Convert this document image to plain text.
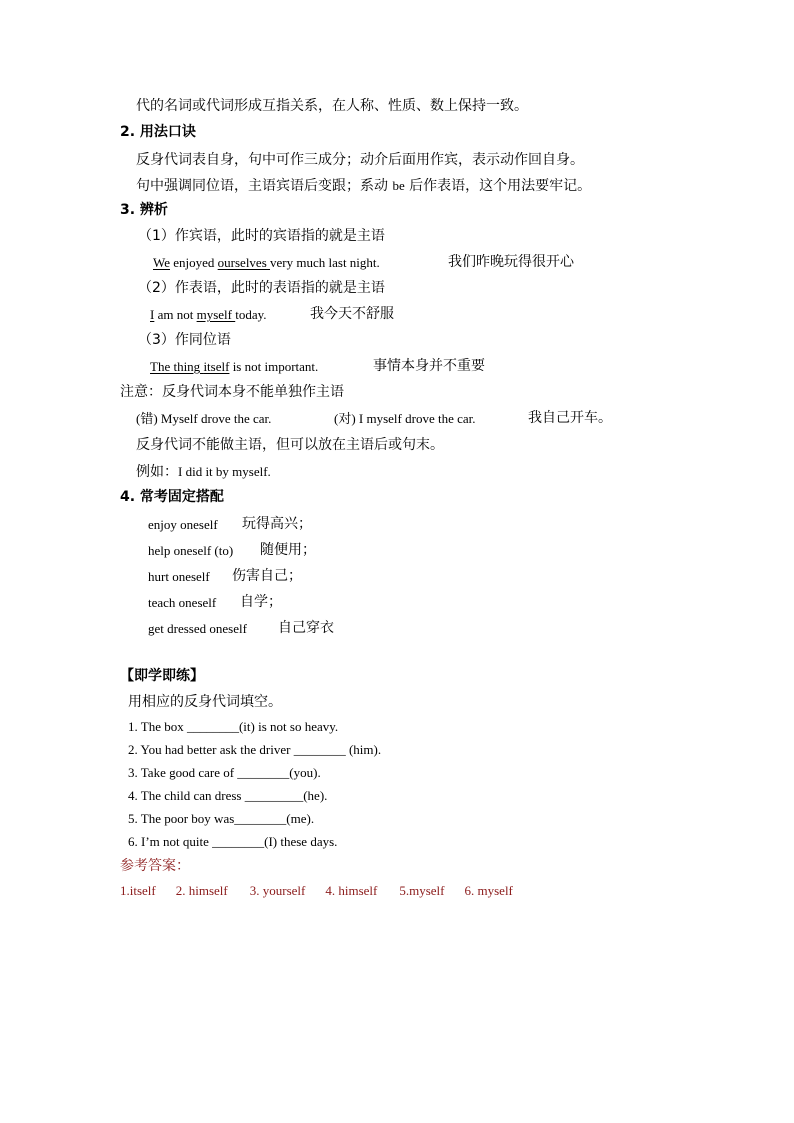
代的名词或代词形成互指关系，在人称、性质、数上保持一致。
2. 用法口诀
反身代词表自身，句中可作三成分；动介后面用作宾，表示动作回自身。
句中强调同位语，主语宾语后变跟；系动 be 后作表语，这个用法要牢记。
3. 辨析
（1）作宾语，此时的宾语指的就是主语
We enjoyed ourselves very much last night.	我们昨晚玩得很开心
（2）作表语，此时的表语指的就是主语
I am not myself today.	我今天不舒服
（3）作同位语
The thing itself is not important.	事情本身并不重要
注意：反身代词本身不能单独作主语
(错) Myself drove the car.	(对) I myself drove the car.	我自己开车。
反身代词不能做主语，但可以放在主语后或句末。
例如：I did it by myself.
4. 常考固定搭配
enjoy oneself 玩得高兴；
help oneself (to) 随便用；
hurt oneself 伤害自己；
teach oneself 自学；
get dressed oneself 自己穿衣
【即学即练】
用相应的反身代词填空。
1. The box ________(it) is not so heavy.
2. You had better ask the driver ________ (him).
3. Take good care of ________(you).
4. The child can dress _________(he).
5. The poor boy was________(me).
6. I’m not quite ________(I) these days.
参考答案：
1.itself 2. himself 3. yourself 4. himself 5.myself 6. myself
